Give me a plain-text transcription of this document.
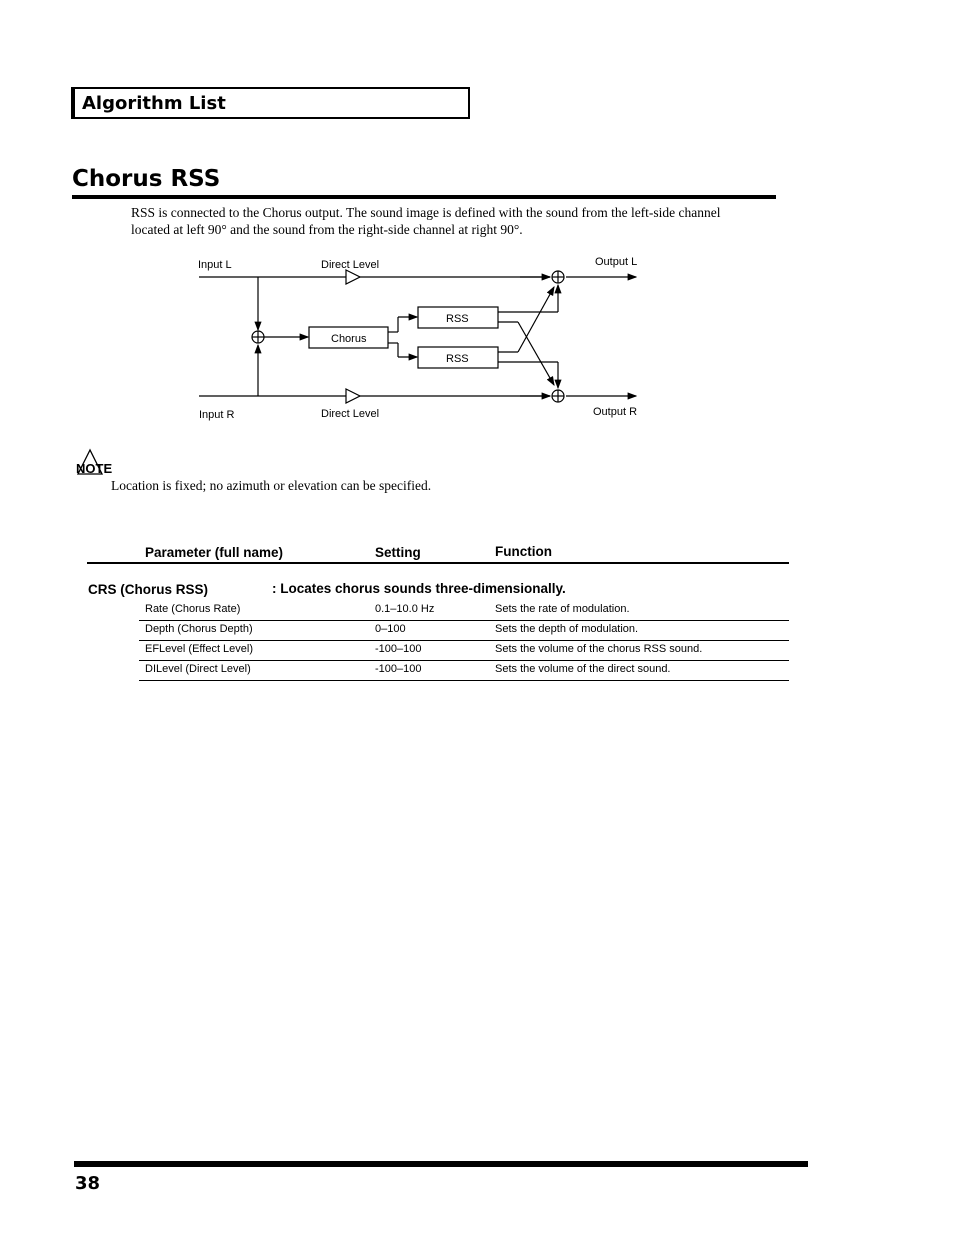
Algorithm List
Chorus RSS

RSS is connected to the Chorus output. The sound image is defined with the sound from the left-side channel located at left 90° and the sound from the right-side channel at right 90°.

Input L	Direct Level	Output L
Input R	Direct Level	Output R
Chorus
RSS
RSS
NOTE

Location is fixed; no azimuth or elevation can be specified.

Parameter (full name)	Setting	Function
CRS (Chorus RSS)	: Locates chorus sounds three-dimensionally.
Rate (Chorus Rate)	0.1–10.0 Hz	Sets the rate of modulation.
Depth (Chorus Depth)	0–100	Sets the depth of modulation.
EFLevel (Effect Level)	-100–100	Sets the volume of the chorus RSS sound.
DILevel (Direct Level)	-100–100	Sets the volume of the direct sound.
38
